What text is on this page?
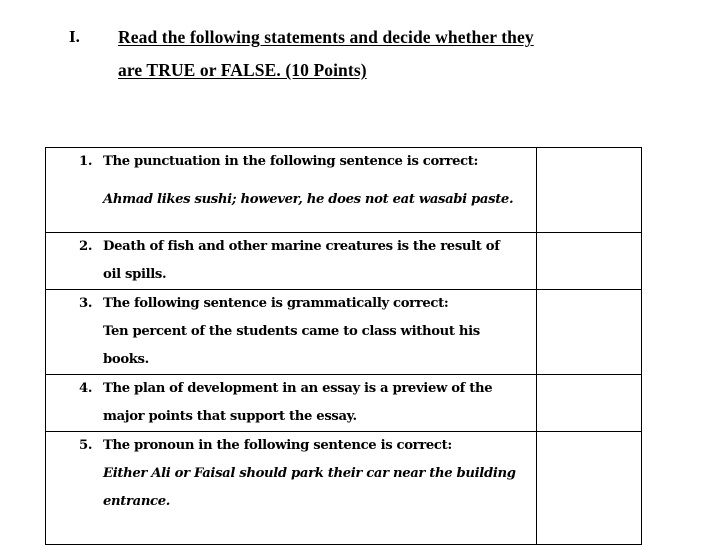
I. Read the following statements and decide whether they
are TRUE or FALSE. (10 Points)
1. The punctuation in the following sentence is correct:
Ahmad likes sushi; however, he does not eat wasabi paste.	

2. Death of fish and other marine creatures is the result of
oil spills.	

3. The following sentence is grammatically correct:
Ten percent of the students came to class without his
books.	

4. The plan of development in an essay is a preview of the
major points that support the essay.	

5. The pronoun in the following sentence is correct:
Either Ali or Faisal should park their car near the building
entrance.	
